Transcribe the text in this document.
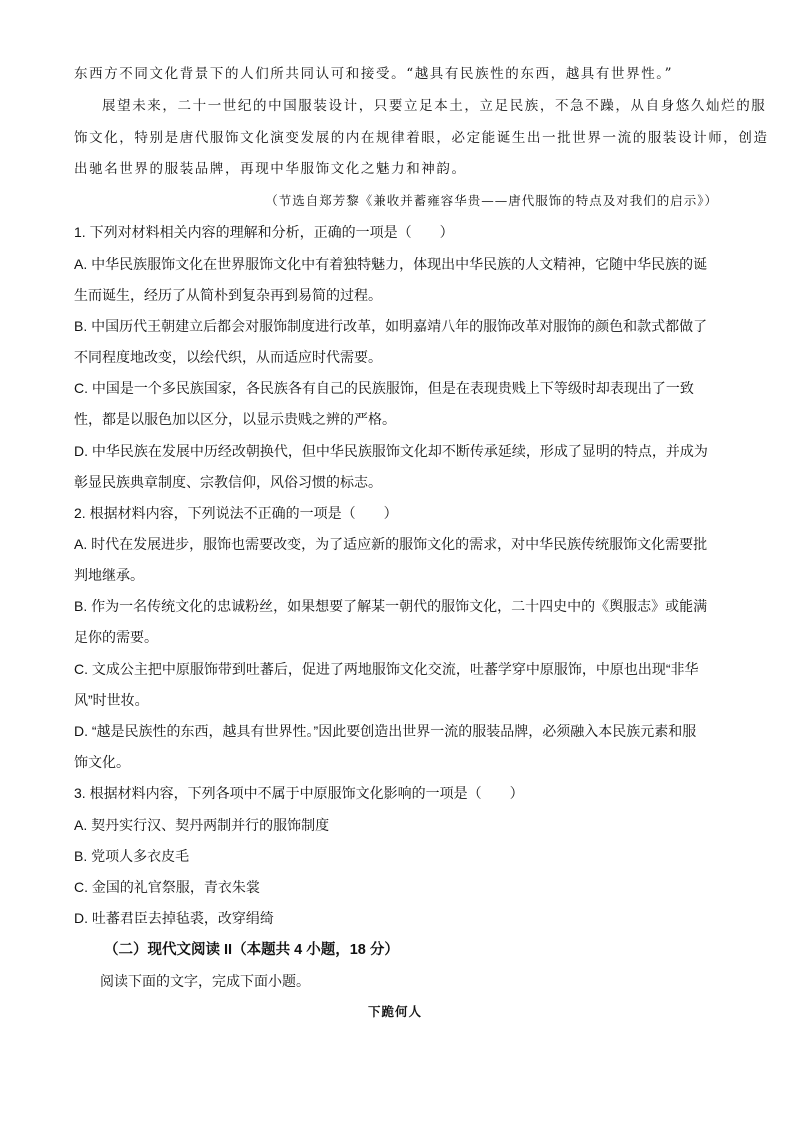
东西方不同文化背景下的人们所共同认可和接受。“越具有民族性的东西，越具有世界性。”
展望未来，二十一世纪的中国服装设计，只要立足本土，立足民族，不急不躁，从自身悠久灿烂的服
饰文化，特别是唐代服饰文化演变发展的内在规律着眼，必定能诞生出一批世界一流的服装设计师，创造
出驰名世界的服装品牌，再现中华服饰文化之魅力和神韵。
（节选自郑芳黎《兼收并蓄雍容华贵——唐代服饰的特点及对我们的启示》）
1. 下列对材料相关内容的理解和分析，正确的一项是（　　）
A. 中华民族服饰文化在世界服饰文化中有着独特魅力，体现出中华民族的人文精神，它随中华民族的诞
生而诞生，经历了从简朴到复杂再到易简的过程。
B. 中国历代王朝建立后都会对服饰制度进行改革，如明嘉靖八年的服饰改革对服饰的颜色和款式都做了
不同程度地改变，以绘代织，从而适应时代需要。
C. 中国是一个多民族国家，各民族各有自己的民族服饰，但是在表现贵贱上下等级时却表现出了一致
性，都是以服色加以区分，以显示贵贱之辨的严格。
D. 中华民族在发展中历经改朝换代，但中华民族服饰文化却不断传承延续，形成了显明的特点，并成为
彰显民族典章制度、宗教信仰，风俗习惯的标志。
2. 根据材料内容，下列说法不正确的一项是（　　）
A. 时代在发展进步，服饰也需要改变，为了适应新的服饰文化的需求，对中华民族传统服饰文化需要批
判地继承。
B. 作为一名传统文化的忠诚粉丝，如果想要了解某一朝代的服饰文化，二十四史中的《舆服志》或能满
足你的需要。
C. 文成公主把中原服饰带到吐蕃后，促进了两地服饰文化交流，吐蕃学穿中原服饰，中原也出现“非华
风”时世妆。
D. “越是民族性的东西，越具有世界性。”因此要创造出世界一流的服装品牌，必须融入本民族元素和服
饰文化。
3. 根据材料内容，下列各项中不属于中原服饰文化影响的一项是（　　）
A. 契丹实行汉、契丹两制并行的服饰制度
B. 党项人多衣皮毛
C. 金国的礼官祭服，青衣朱裳
D. 吐蕃君臣去掉毡裘，改穿绢绮
（二）现代文阅读 II（本题共 4 小题，18 分）
阅读下面的文字，完成下面小题。
下跪何人
